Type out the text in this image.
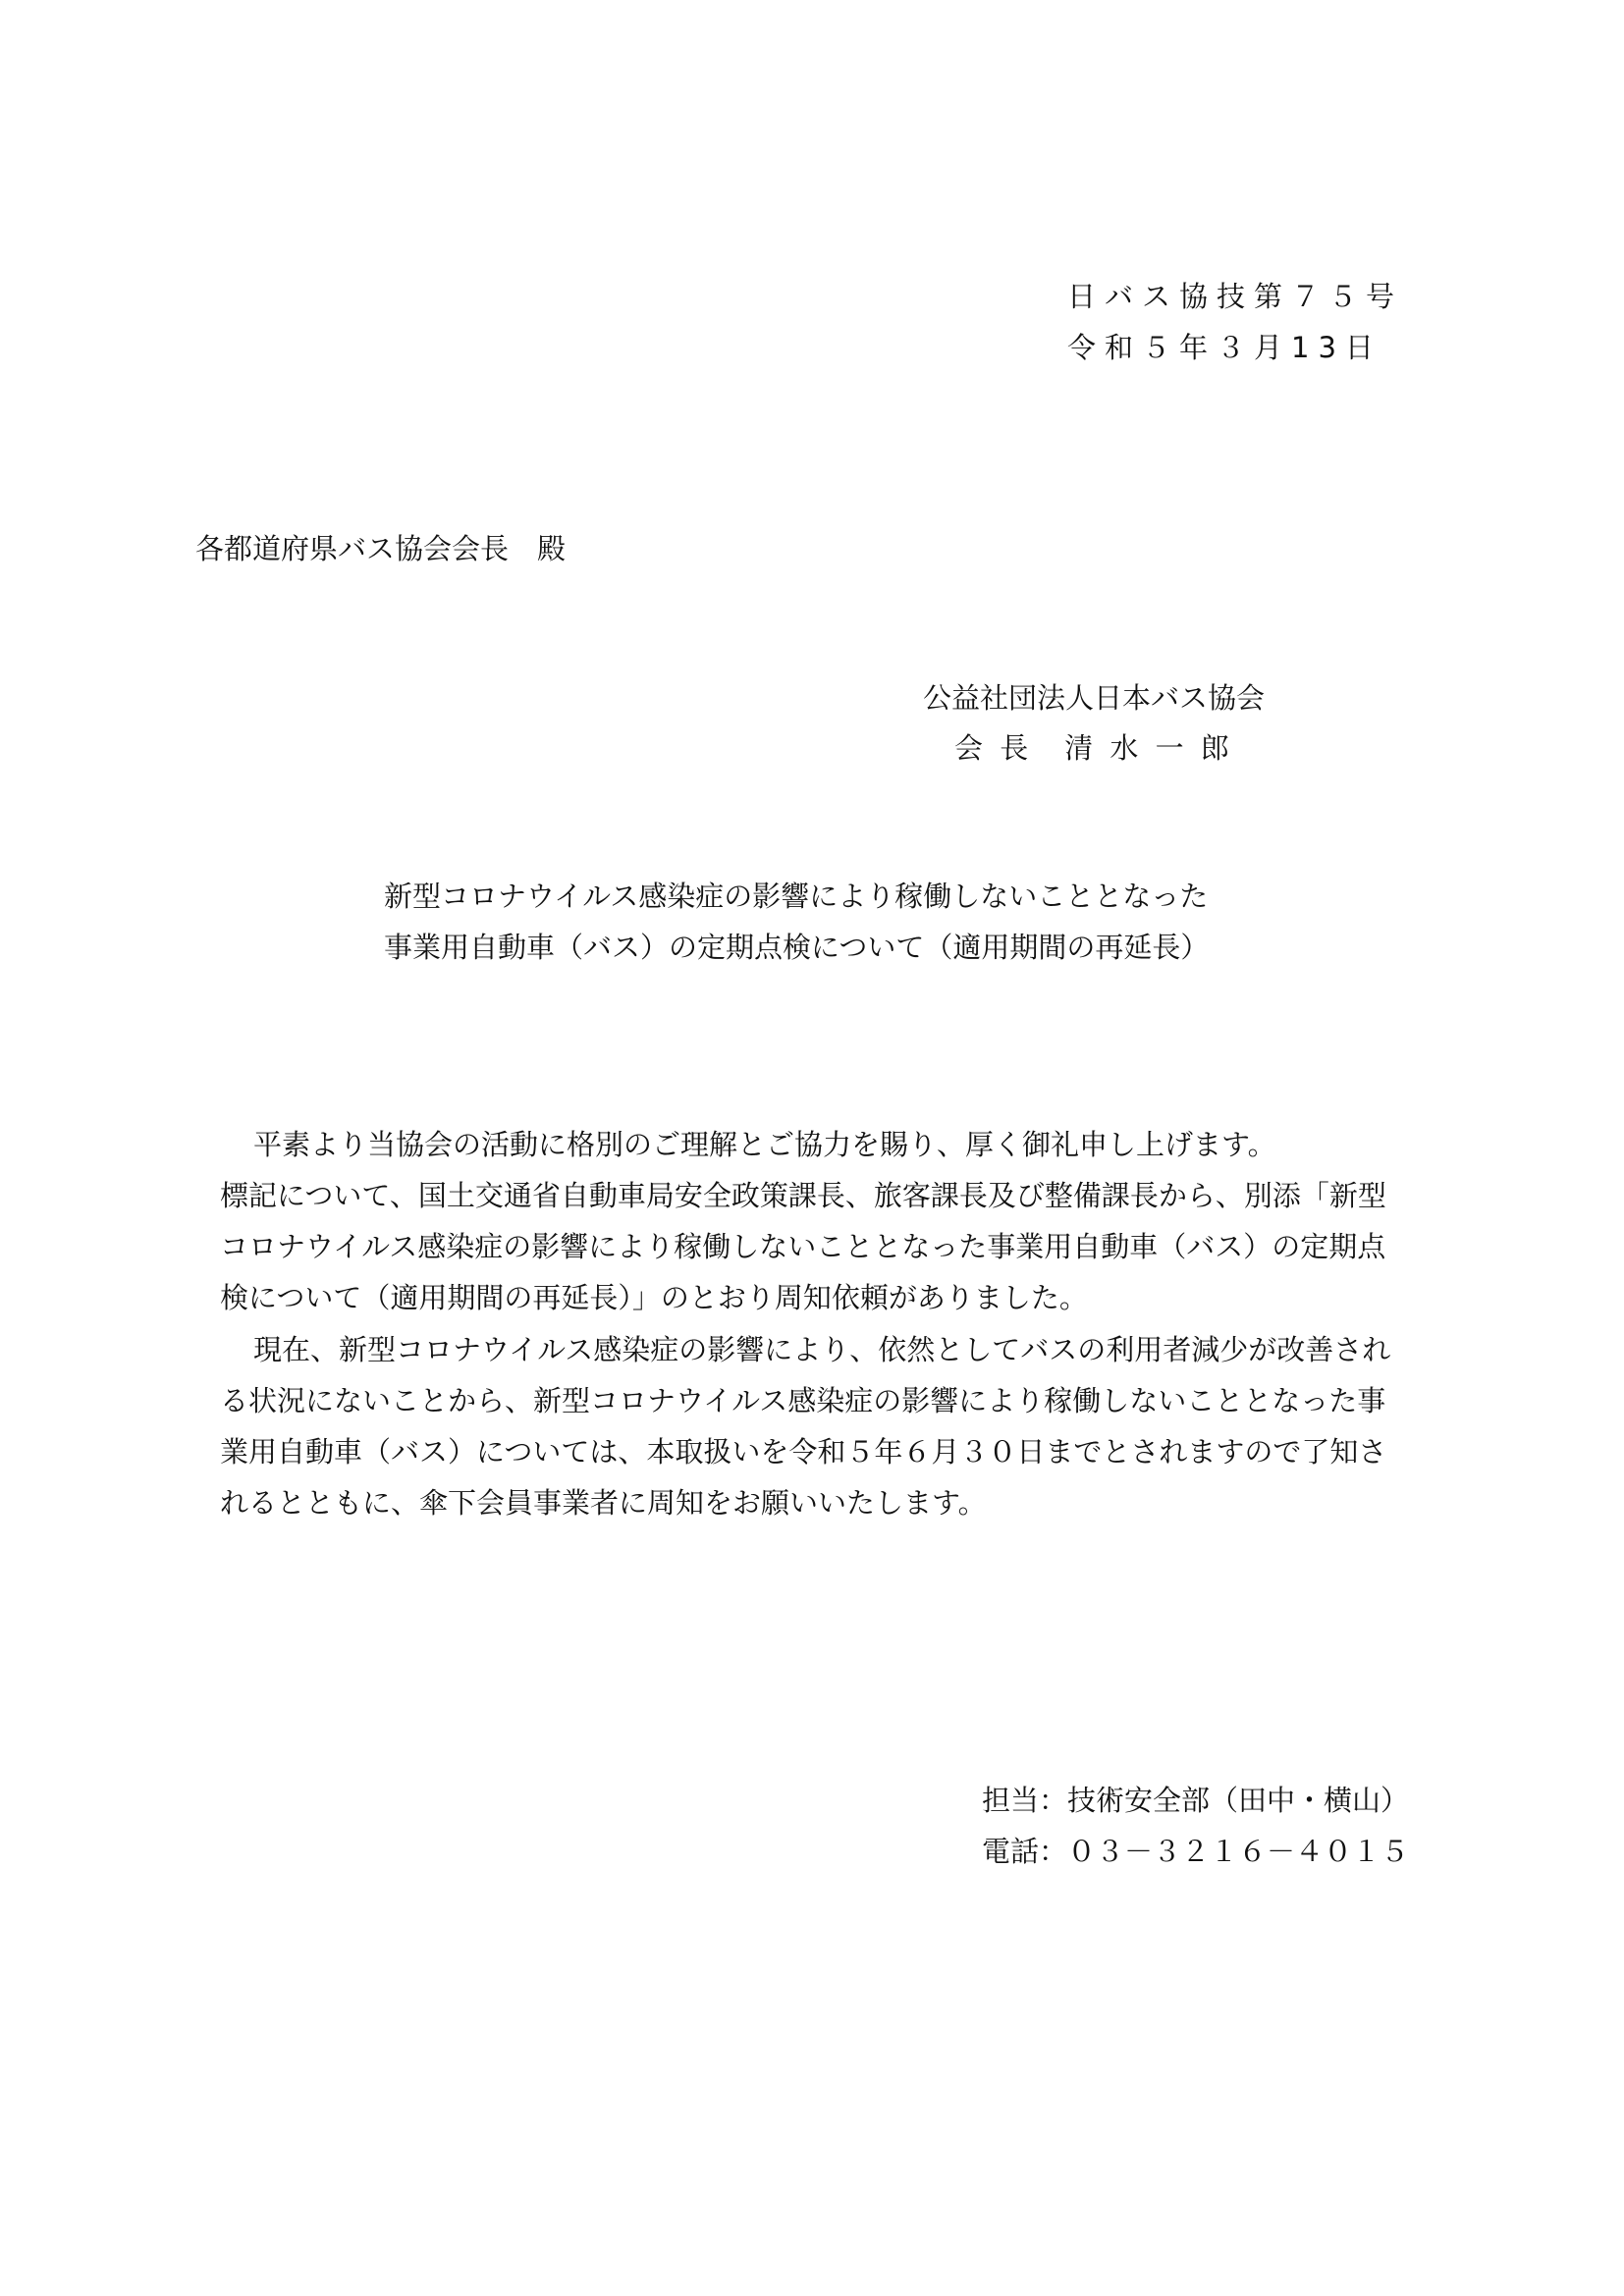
日バス協技第７５号
令和５年３月13日
各都道府県バス協会会長　殿
公益社団法人日本バス協会
会 長　清 水 一 郎
新型コロナウイルス感染症の影響により稼働しないこととなった
事業用自動車（バス）の定期点検について（適用期間の再延長）
平素より当協会の活動に格別のご理解とご協力を賜り、厚く御礼申し上げます。
標記について、国土交通省自動車局安全政策課長、旅客課長及び整備課長から、別添「新型
コロナウイルス感染症の影響により稼働しないこととなった事業用自動車（バス）の定期点
検について（適用期間の再延長）」のとおり周知依頼がありました。
現在、新型コロナウイルス感染症の影響により、依然としてバスの利用者減少が改善され
る状況にないことから、新型コロナウイルス感染症の影響により稼働しないこととなった事
業用自動車（バス）については、本取扱いを令和５年６月３０日までとされますので了知さ
れるとともに、傘下会員事業者に周知をお願いいたします。
担当：技術安全部（田中・横山）
電話：０３－３２１６－４０１５
